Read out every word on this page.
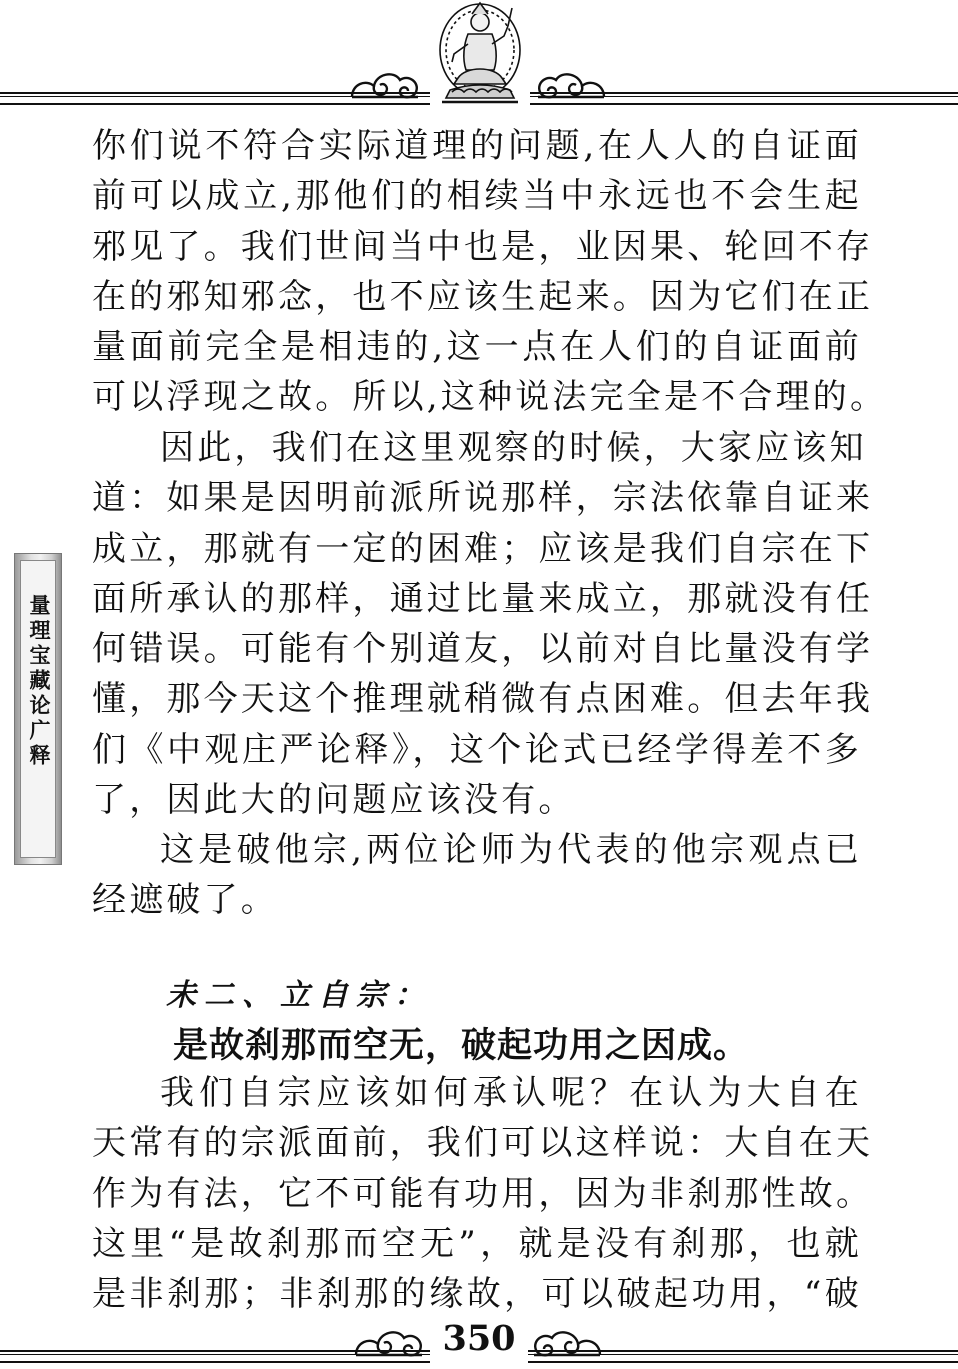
量理宝藏论广释
你们说不符合实际道理的问题,在人人的自证面
前可以成立,那他们的相续当中永远也不会生起
邪见了。我们世间当中也是，业因果、轮回不存
在的邪知邪念，也不应该生起来。因为它们在正
量面前完全是相违的,这一点在人们的自证面前
可以浮现之故。所以,这种说法完全是不合理的。
因此，我们在这里观察的时候，大家应该知
道：如果是因明前派所说那样，宗法依靠自证来
成立，那就有一定的困难；应该是我们自宗在下
面所承认的那样，通过比量来成立，那就没有任
何错误。可能有个别道友，以前对自比量没有学
懂，那今天这个推理就稍微有点困难。但去年我
们《中观庄严论释》，这个论式已经学得差不多
了，因此大的问题应该没有。
这是破他宗,两位论师为代表的他宗观点已
经遮破了。
未二、立自宗：

是故刹那而空无，破起功用之因成。

我们自宗应该如何承认呢？在认为大自在
天常有的宗派面前，我们可以这样说：大自在天
作为有法，它不可能有功用，因为非刹那性故。
这里“是故刹那而空无”，就是没有刹那，也就
是非刹那；非刹那的缘故，可以破起功用，“破
350
